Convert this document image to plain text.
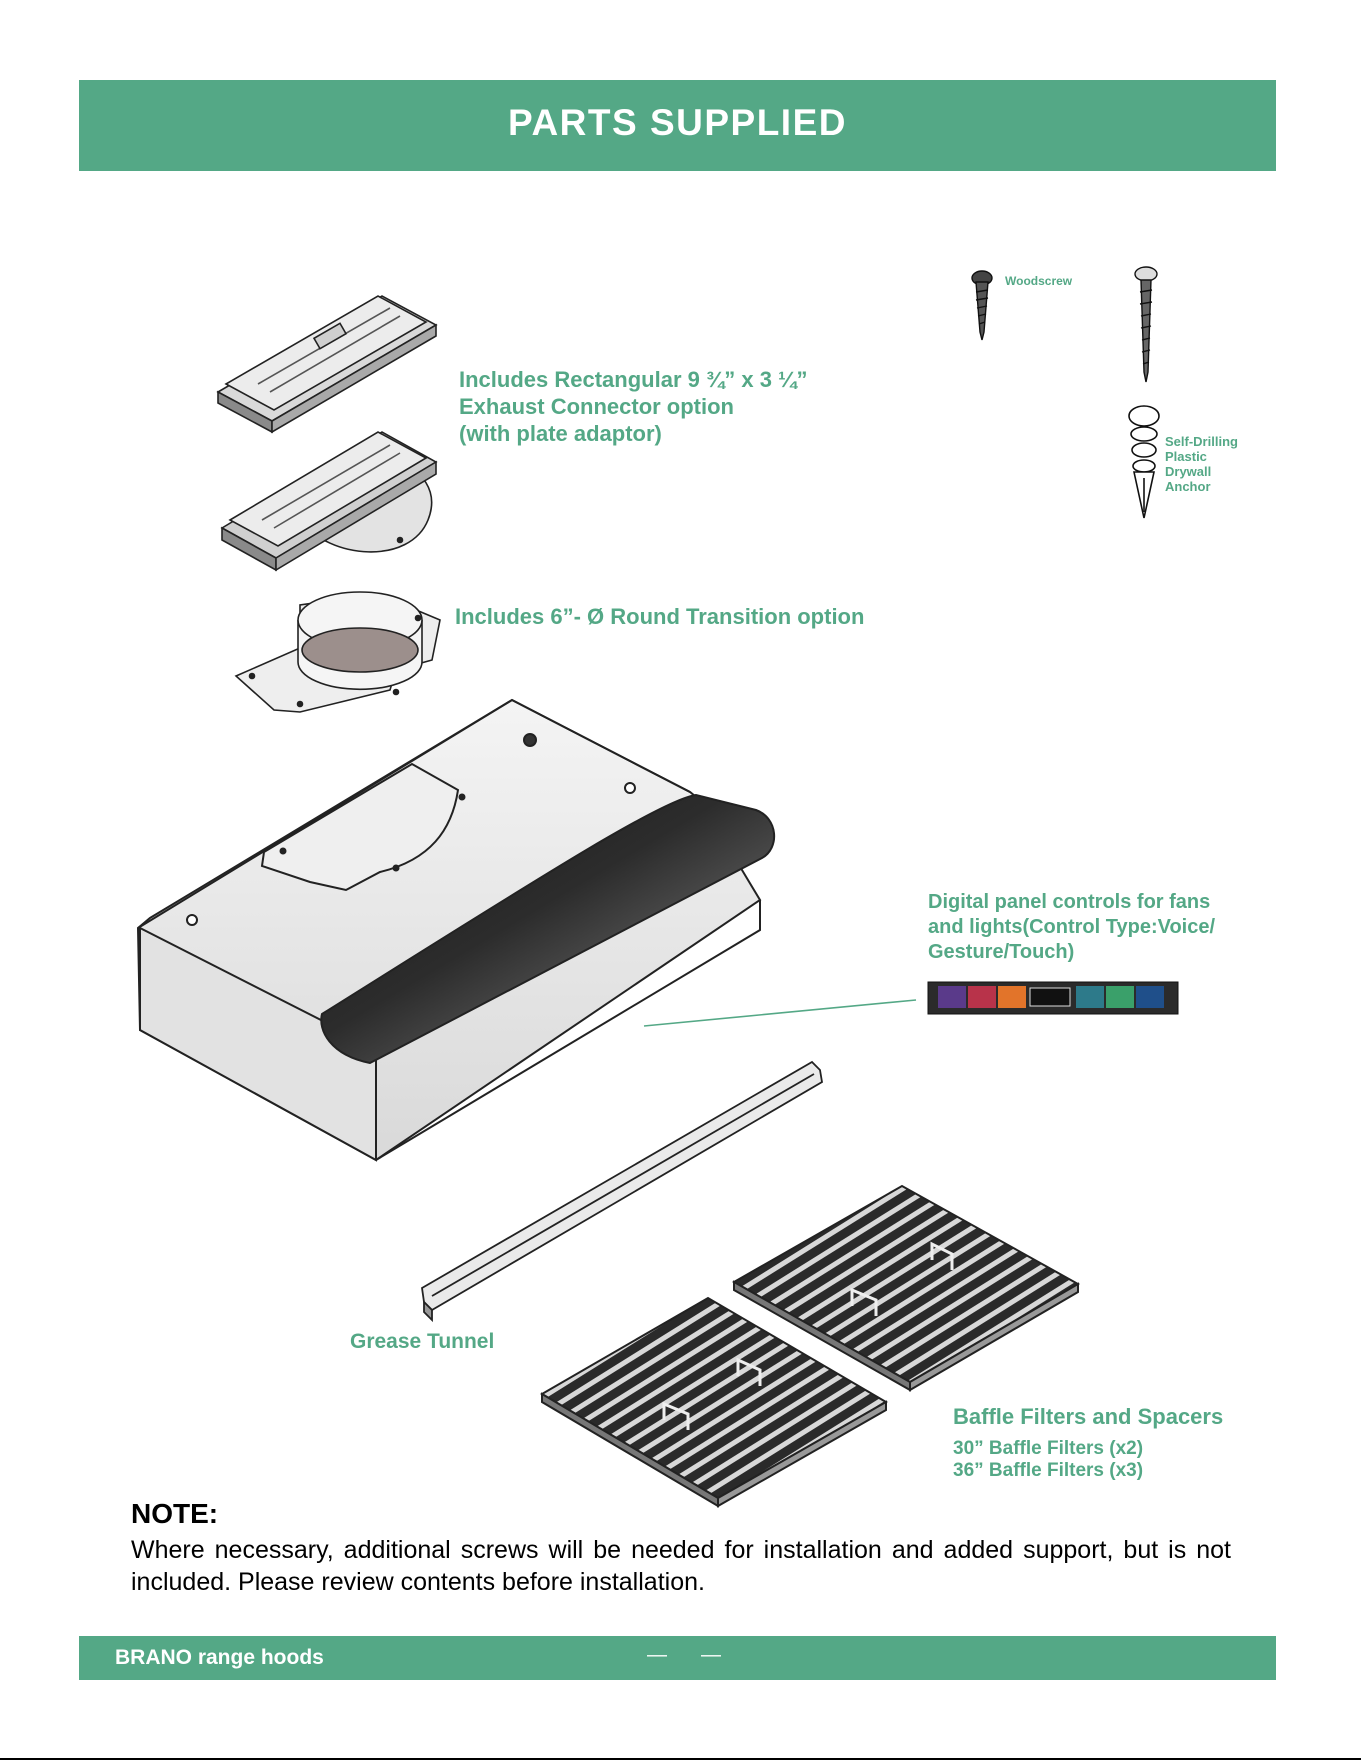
PARTS SUPPLIED
Includes Rectangular 9 ¾” x 3 ¼”
Exhaust Connector option
(with plate adaptor)
Woodscrew
Self-Drilling
Plastic
Drywall
Anchor
Includes 6”- Ø Round Transition option
Digital panel controls for fans
and lights(Control Type:Voice/
Gesture/Touch)
Grease Tunnel
Baffle Filters and Spacers
30” Baffle Filters (x2)
36” Baffle Filters (x3)
NOTE:
Where necessary, additional screws will be needed for installation and added support, but is not included. Please review contents before installation.
BRANO range hoods	— —
